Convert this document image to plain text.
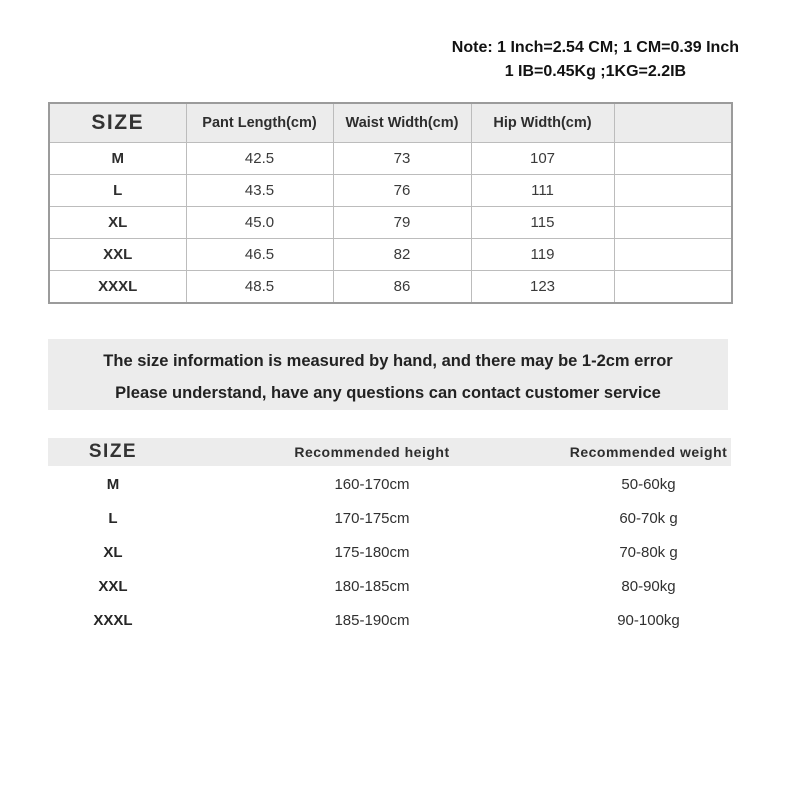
Note: 1 Inch=2.54 CM; 1 CM=0.39 Inch
1 IB=0.45Kg ;1KG=2.2IB
SIZE	Pant Length(cm)	Waist Width(cm)	Hip Width(cm)	
M	42.5	73	107	
L	43.5	76	111	
XL	45.0	79	115	
XXL	46.5	82	119	
XXXL	48.5	86	123	
The size information is measured by hand, and there may be 1-2cm error
Please understand, have any questions can contact customer service
SIZE	Recommended height	Recommended weight
M	160-170cm	50-60kg
L	170-175cm	60-70k g
XL	175-180cm	70-80k g
XXL	180-185cm	80-90kg
XXXL	185-190cm	90-100kg
